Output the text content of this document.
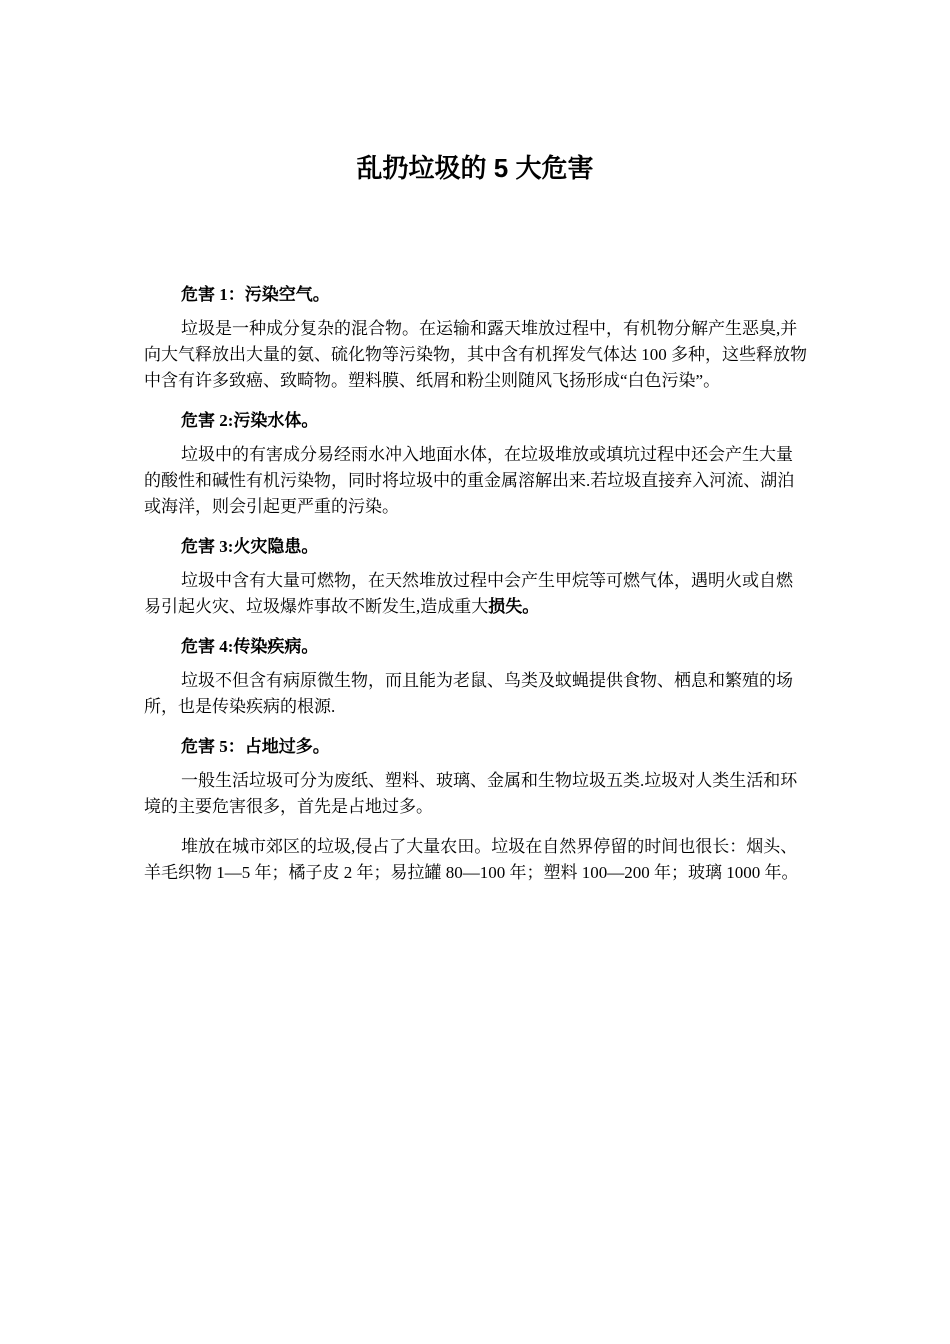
乱扔垃圾的 5 大危害

危害 1：污染空气。

垃圾是一种成分复杂的混合物。在运输和露天堆放过程中，有机物分解产生恶臭,并向大气释放出大量的氨、硫化物等污染物，其中含有机挥发气体达 100 多种，这些释放物中含有许多致癌、致畸物。塑料膜、纸屑和粉尘则随风飞扬形成“白色污染”。

危害 2:污染水体。

垃圾中的有害成分易经雨水冲入地面水体，在垃圾堆放或填坑过程中还会产生大量的酸性和碱性有机污染物，同时将垃圾中的重金属溶解出来.若垃圾直接弃入河流、湖泊或海洋，则会引起更严重的污染。

危害 3:火灾隐患。

垃圾中含有大量可燃物，在天然堆放过程中会产生甲烷等可燃气体，遇明火或自燃易引起火灾、垃圾爆炸事故不断发生,造成重大损失。

危害 4:传染疾病。

垃圾不但含有病原微生物，而且能为老鼠、鸟类及蚊蝇提供食物、栖息和繁殖的场所，也是传染疾病的根源.

危害 5：占地过多。

一般生活垃圾可分为废纸、塑料、玻璃、金属和生物垃圾五类.垃圾对人类生活和环境的主要危害很多，首先是占地过多。

堆放在城市郊区的垃圾,侵占了大量农田。垃圾在自然界停留的时间也很长：烟头、羊毛织物 1—5 年；橘子皮 2 年；易拉罐 80—100 年；塑料 100—200 年；玻璃 1000 年。
